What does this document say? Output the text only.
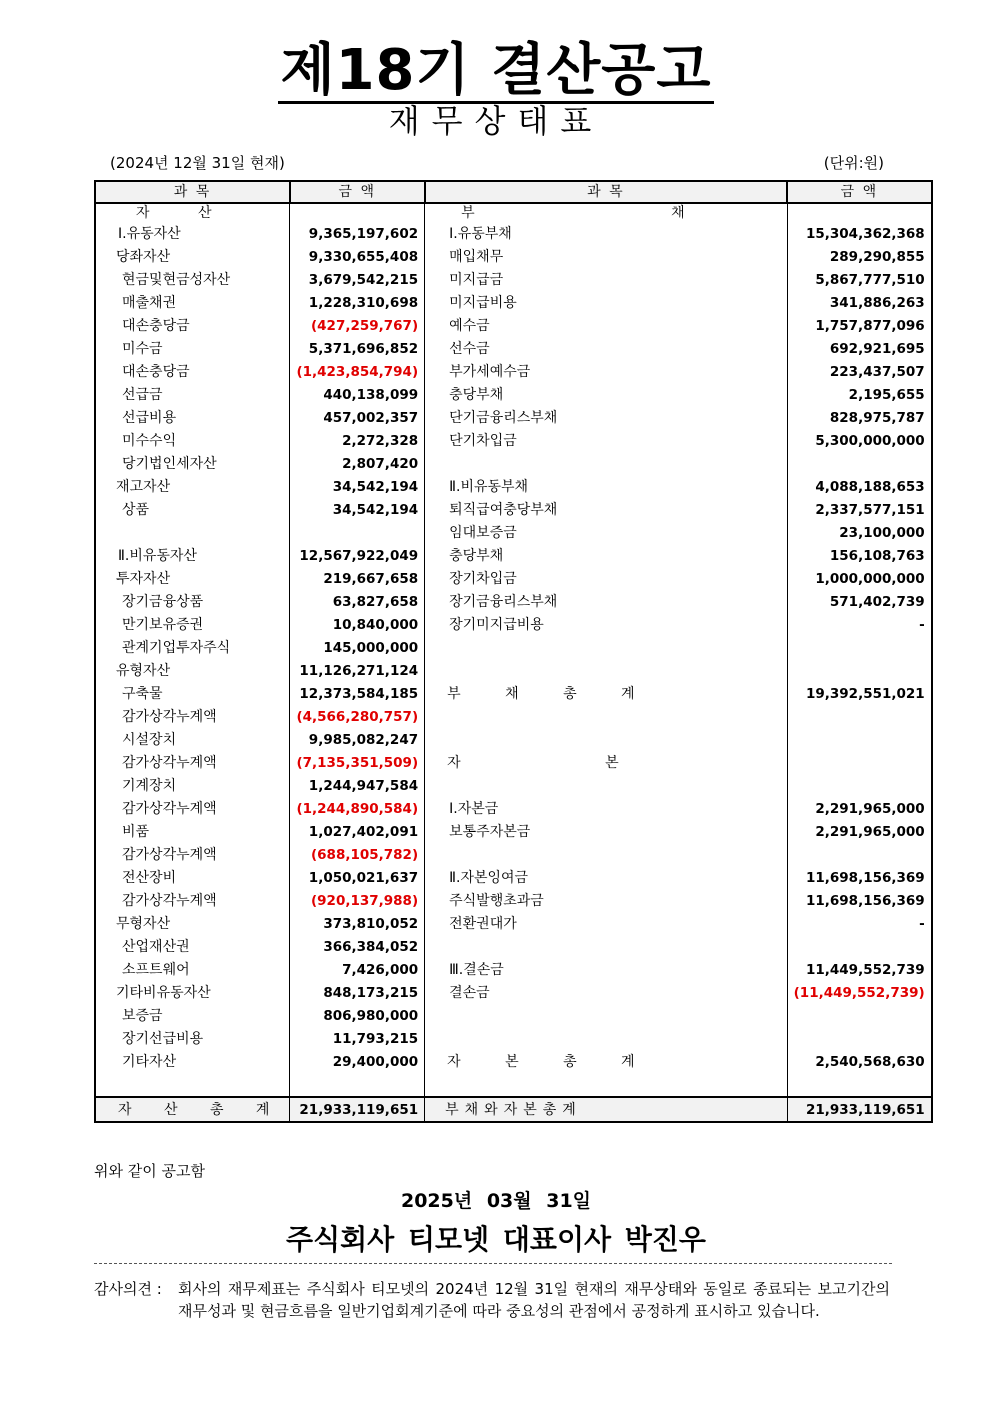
제18기 결산공고
재무상태표
(2024년 12월 31일 현재)	(단위:원)
과 목	금 액	과 목	금 액
자 산		부 채	
Ⅰ.유동자산	9,365,197,602	Ⅰ.유동부채	15,304,362,368
당좌자산	9,330,655,408	매입채무	289,290,855
현금및현금성자산	3,679,542,215	미지급금	5,867,777,510
매출채권	1,228,310,698	미지급비용	341,886,263
대손충당금	(427,259,767)	예수금	1,757,877,096
미수금	5,371,696,852	선수금	692,921,695
대손충당금	(1,423,854,794)	부가세예수금	223,437,507
선급금	440,138,099	충당부채	2,195,655
선급비용	457,002,357	단기금융리스부채	828,975,787
미수수익	2,272,328	단기차입금	5,300,000,000
당기법인세자산	2,807,420		
재고자산	34,542,194	Ⅱ.비유동부채	4,088,188,653
상품	34,542,194	퇴직급여충당부채	2,337,577,151
		임대보증금	23,100,000
Ⅱ.비유동자산	12,567,922,049	충당부채	156,108,763
투자자산	219,667,658	장기차입금	1,000,000,000
장기금융상품	63,827,658	장기금융리스부채	571,402,739
만기보유증권	10,840,000	장기미지급비용	-
관계기업투자주식	145,000,000		
유형자산	11,126,271,124		
구축물	12,373,584,185	부 채 총 계	19,392,551,021
감가상각누계액	(4,566,280,757)		
시설장치	9,985,082,247		
감가상각누계액	(7,135,351,509)	자 본	
기계장치	1,244,947,584		
감가상각누계액	(1,244,890,584)	Ⅰ.자본금	2,291,965,000
비품	1,027,402,091	보통주자본금	2,291,965,000
감가상각누계액	(688,105,782)		
전산장비	1,050,021,637	Ⅱ.자본잉여금	11,698,156,369
감가상각누계액	(920,137,988)	주식발행초과금	11,698,156,369
무형자산	373,810,052	전환권대가	-
산업재산권	366,384,052		
소프트웨어	7,426,000	Ⅲ.결손금	11,449,552,739
기타비유동자산	848,173,215	결손금	(11,449,552,739)
보증금	806,980,000		
장기선급비용	11,793,215		
기타자산	29,400,000	자 본 총 계	2,540,568,630

자 산 총 계	21,933,119,651	부채와자본총계	21,933,119,651
위와 같이 공고함
2025년 03월 31일
주식회사 티모넷 대표이사 박진우
감사의견 : 회사의 재무제표는 주식회사 티모넷의 2024년 12월 31일 현재의 재무상태와 동일로 종료되는 보고기간의 재무성과 및 현금흐름을 일반기업회계기준에 따라 중요성의 관점에서 공정하게 표시하고 있습니다.
